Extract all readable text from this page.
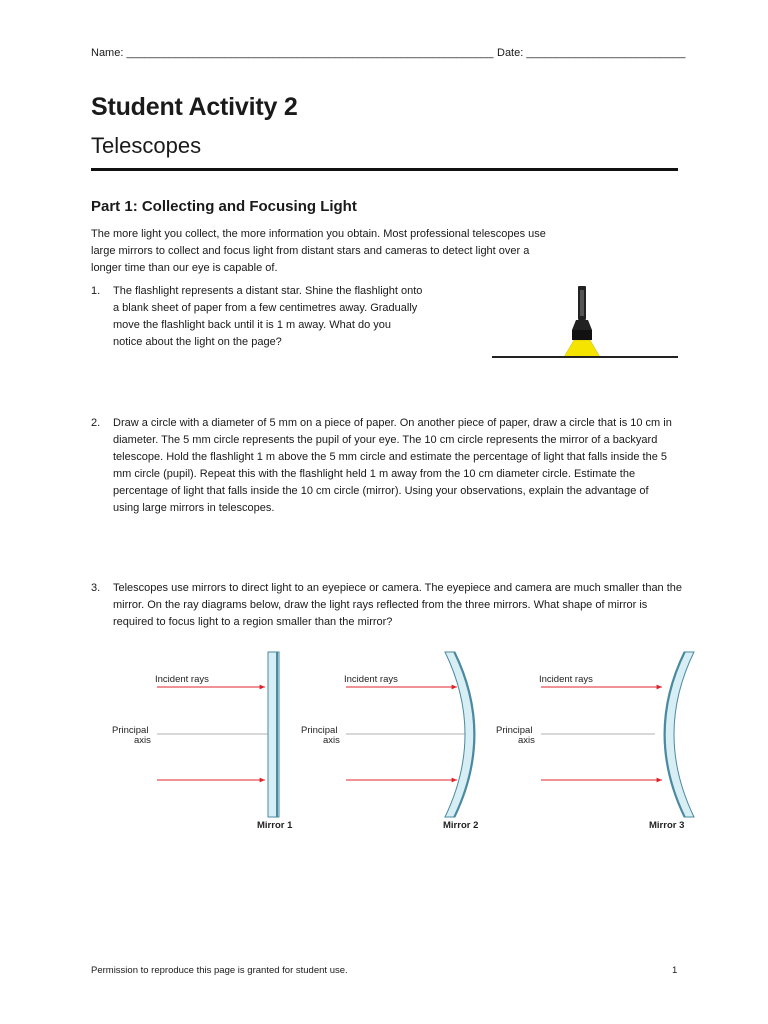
Name: ____________________________________________________________ Date: __________________________
Student Activity 2
Telescopes
Part 1: Collecting and Focusing Light
The more light you collect, the more information you obtain. Most professional telescopes use large mirrors to collect and focus light from distant stars and cameras to detect light over a longer time than our eye is capable of.
1. The flashlight represents a distant star. Shine the flashlight onto a blank sheet of paper from a few centimetres away. Gradually move the flashlight back until it is 1 m away. What do you notice about the light on the page?
2. Draw a circle with a diameter of 5 mm on a piece of paper. On another piece of paper, draw a circle that is 10 cm in diameter. The 5 mm circle represents the pupil of your eye. The 10 cm circle represents the mirror of a backyard telescope. Hold the flashlight 1 m above the 5 mm circle and estimate the percentage of light that falls inside the 5 mm circle (pupil). Repeat this with the flashlight held 1 m away from the 10 cm diameter circle. Estimate the percentage of light that falls inside the 10 cm circle (mirror). Using your observations, explain the advantage of using large mirrors in telescopes.
3. Telescopes use mirrors to direct light to an eyepiece or camera. The eyepiece and camera are much smaller than the mirror. On the ray diagrams below, draw the light rays reflected from the three mirrors. What shape of mirror is required to focus light to a region smaller than the mirror?
Incident rays
Principal
axis
Mirror 1
Incident rays
Principal
axis
Mirror 2
Incident rays
Principal
axis
Mirror 3
Permission to reproduce this page is granted for student use.	1
